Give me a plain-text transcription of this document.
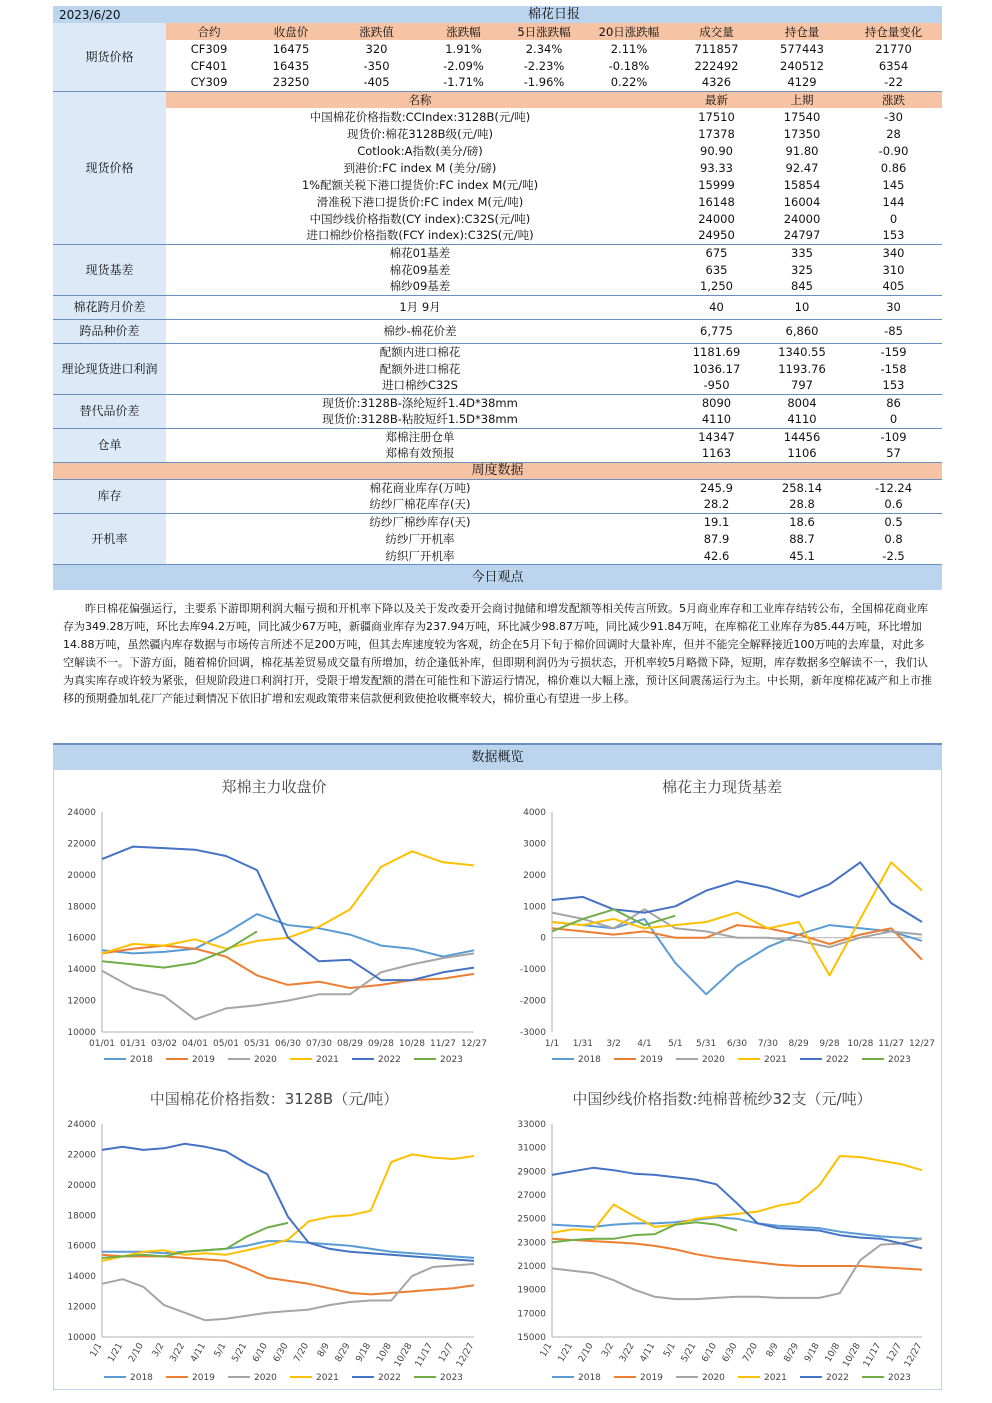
2023/6/20	棉花日报								
期货价格	合约	收盘价	涨跌值	涨跌幅	5日涨跌幅	20日涨跌幅	成交量	持仓量	持仓量变化
	CF309	16475	320	1.91%	2.34%	2.11%	711857	577443	21770
	CF401	16435	-350	-2.09%	-2.23%	-0.18%	222492	240512	6354
	CY309	23250	-405	-1.71%	-1.96%	0.22%	4326	4129	-22
现货价格	名称						最新	上期	涨跌
	中国棉花价格指数:CCIndex:3128B(元/吨)						17510	17540	-30
	现货价:棉花3128B级(元/吨)						17378	17350	28
	Cotlook:A指数(美分/磅)						90.90	91.80	-0.90
	到港价:FC index M (美分/磅)						93.33	92.47	0.86
	1%配额关税下港口提货价:FC index M(元/吨)						15999	15854	145
	滑准税下港口提货价:FC index M(元/吨)						16148	16004	144
	中国纱线价格指数(CY index):C32S(元/吨)						24000	24000	0
	进口棉纱价格指数(FCY index):C32S(元/吨)						24950	24797	153
现货基差	棉花01基差						675	335	340
	棉花09基差						635	325	310
	棉纱09基差						1,250	845	405
棉花跨月价差	1月 9月						40	10	30
跨品种价差	棉纱-棉花价差						6,775	6,860	-85
理论现货进口利润	配额内进口棉花						1181.69	1340.55	-159
	配额外进口棉花						1036.17	1193.76	-158
	进口棉纱C32S						-950	797	153
替代品价差	现货价:3128B-涤纶短纤1.4D*38mm						8090	8004	86
	现货价:3128B-粘胶短纤1.5D*38mm						4110	4110	0
仓单	郑棉注册仓单						14347	14456	-109
	郑棉有效预报						1163	1106	57
周度数据									
库存	棉花商业库存(万吨)						245.9	258.14	-12.24
	纺纱厂棉花库存(天)						28.2	28.8	0.6
开机率	纺纱厂棉纱库存(天)						19.1	18.6	0.5
	纺纱厂开机率						87.9	88.7	0.8
	纺织厂开机率						42.6	45.1	-2.5
今日观点
昨日棉花偏强运行，主要系下游即期利润大幅亏损和开机率下降以及关于发改委开会商讨抛储和增发配额等相关传言所致。5月商业库存和工业库存结转公布，全国棉花商业库存为349.28万吨，环比去库94.2万吨，同比减少67万吨，新疆商业库存为237.94万吨，环比减少98.87万吨，同比减少91.84万吨，在库棉花工业库存为85.44万吨，环比增加14.88万吨，虽然疆内库存数据与市场传言所述不足200万吨，但其去库速度较为客观，纺企在5月下旬于棉价回调时大量补库，但并不能完全解释接近100万吨的去库量，对此多空解读不一。下游方面，随着棉价回调，棉花基差贸易成交量有所增加，纺企逢低补库，但即期利润仍为亏损状态，开机率较5月略微下降，短期，库存数据多空解读不一，我们认为真实库存或许较为紧张，但规阶段进口利润打开，受限于增发配额的潜在可能性和下游运行情况，棉价难以大幅上涨，预计区间震荡运行为主。中长期，新年度棉花减产和上市推移的预期叠加轧花厂产能过剩情况下依旧扩增和宏观政策带来信款便利致使抢收概率较大，棉价重心有望进一步上移。
数据概览
郑棉主力收盘价
10000
12000
14000
16000
18000
20000
22000
24000
01/01 01/31 03/02 04/01 05/01 05/31 06/30 07/30 08/29 09/28 10/28 11/27 12/27
2018	2019	2020	2021	2022	2023
棉花主力现货基差
-3000
-2000
-1000
0
1000
2000
3000
4000
1/1 1/31 3/2 4/1 5/1 5/31 6/30 7/30 8/29 9/28 10/28 11/27 12/27
2018	2019	2020	2021	2022	2023
中国棉花价格指数：3128B（元/吨）
10000
12000
14000
16000
18000
20000
22000
24000
1/1 1/21 2/10 3/2 3/22 4/11 5/1 5/21 6/10 6/30 7/20 8/9 8/29 9/18 10/8 10/28 11/17 12/7 12/27
2018	2019	2020	2021	2022	2023
中国纱线价格指数:纯棉普梳纱32支（元/吨）
15000
17000
19000
21000
23000
25000
27000
29000
31000
33000
1/1 1/21 2/10 3/2 3/22 4/11 5/1 5/21 6/10 6/30 7/20 8/9 8/29 9/18 10/8
10/28
11/17 12/7
12/27
2018	2019	2020	2021	2022	2023
